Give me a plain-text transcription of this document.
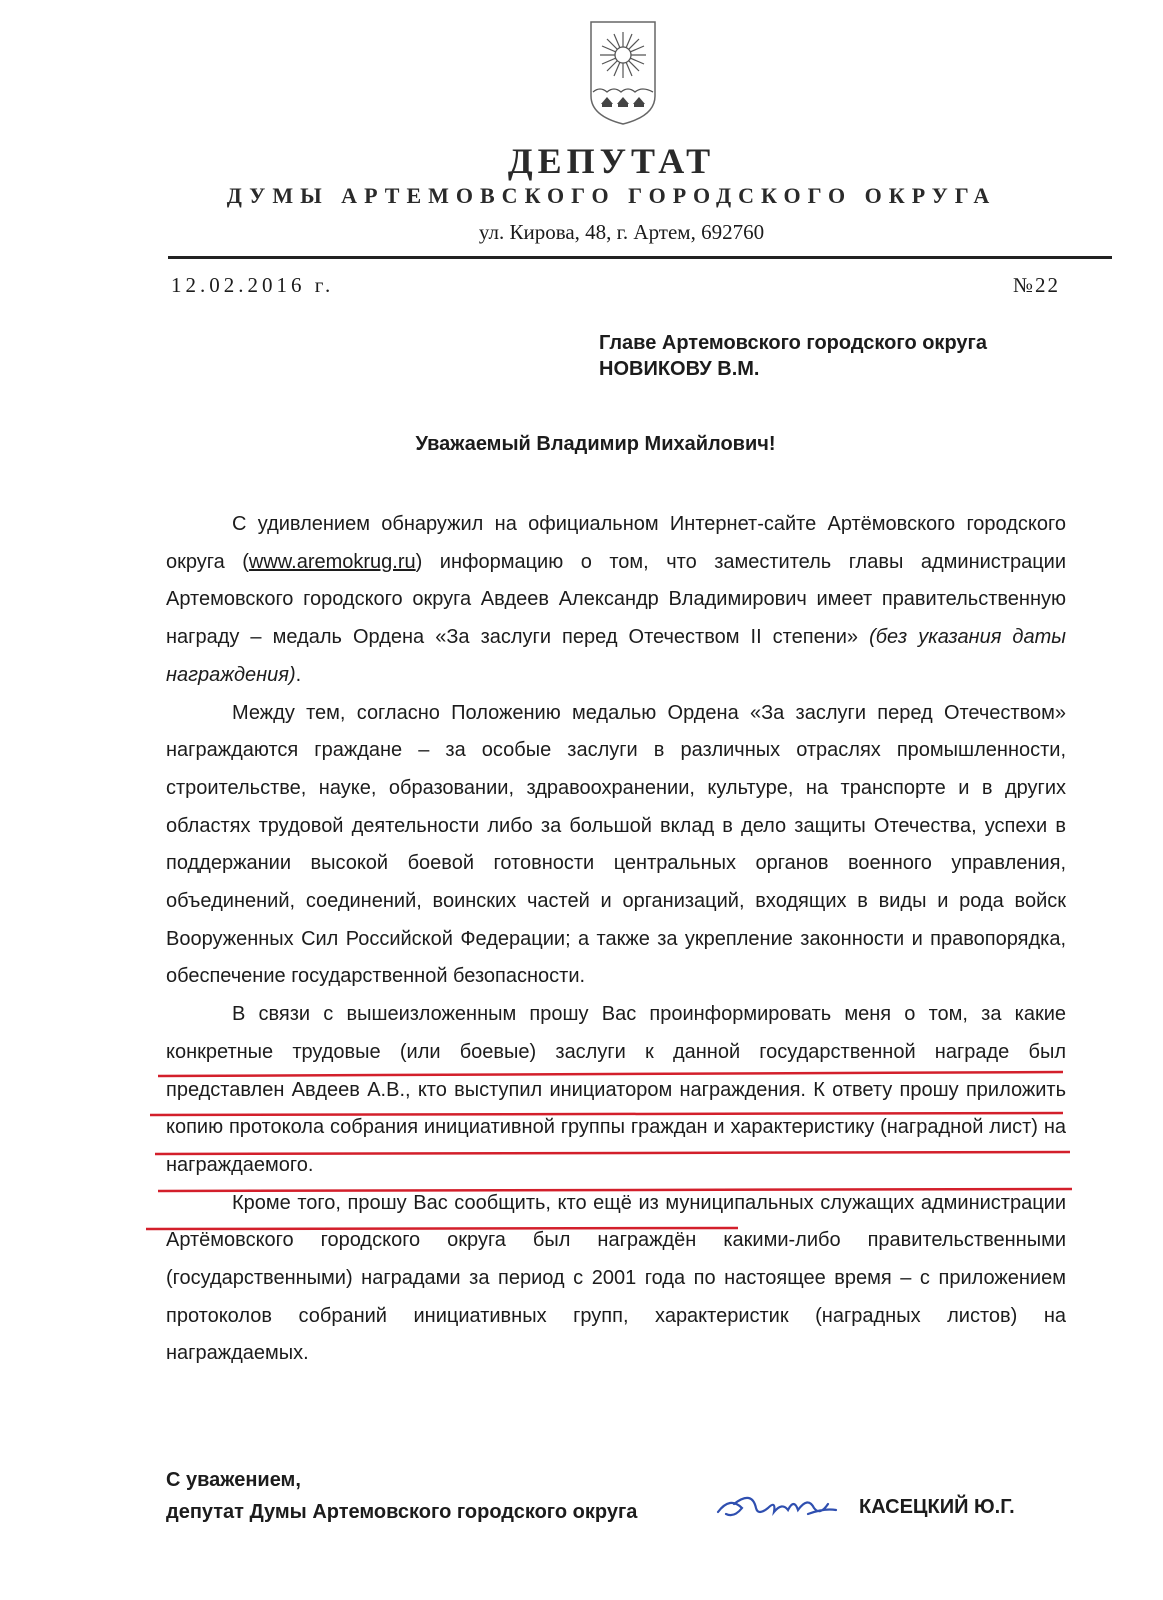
ДЕПУТАТ
ДУМЫ АРТЕМОВСКОГО ГОРОДСКОГО ОКРУГА
ул. Кирова, 48, г. Артем, 692760
12.02.2016 г.	№22
Главе Артемовского городского округа
НОВИКОВУ В.М.
Уважаемый Владимир Михайлович!

С удивлением обнаружил на официальном Интернет-сайте Артёмовского городского округа (www.aremokrug.ru) информацию о том, что заместитель главы администрации Артемовского городского округа Авдеев Александр Владимирович имеет правительственную награду – медаль Ордена «За заслуги перед Отечеством II степени» (без указания даты награждения).

Между тем, согласно Положению медалью Ордена «За заслуги перед Отечеством» награждаются граждане – за особые заслуги в различных отраслях промышленности, строительстве, науке, образовании, здравоохранении, культуре, на транспорте и в других областях трудовой деятельности либо за большой вклад в дело защиты Отечества, успехи в поддержании высокой боевой готовности центральных органов военного управления, объединений, соединений, воинских частей и организаций, входящих в виды и рода войск Вооруженных Сил Российской Федерации; а также за укрепление законности и правопорядка, обеспечение государственной безопасности.

В связи с вышеизложенным прошу Вас проинформировать меня о том, за какие конкретные трудовые (или боевые) заслуги к данной государственной награде был представлен Авдеев А.В., кто выступил инициатором награждения. К ответу прошу приложить копию протокола собрания инициативной группы граждан и характеристику (наградной лист) на награждаемого.

Кроме того, прошу Вас сообщить, кто ещё из муниципальных служащих администрации Артёмовского городского округа был награждён какими-либо правительственными (государственными) наградами за период с 2001 года по настоящее время – с приложением протоколов собраний инициативных групп, характеристик (наградных листов) на награждаемых.

С уважением,
депутат Думы Артемовского городского округа	КАСЕЦКИЙ Ю.Г.
